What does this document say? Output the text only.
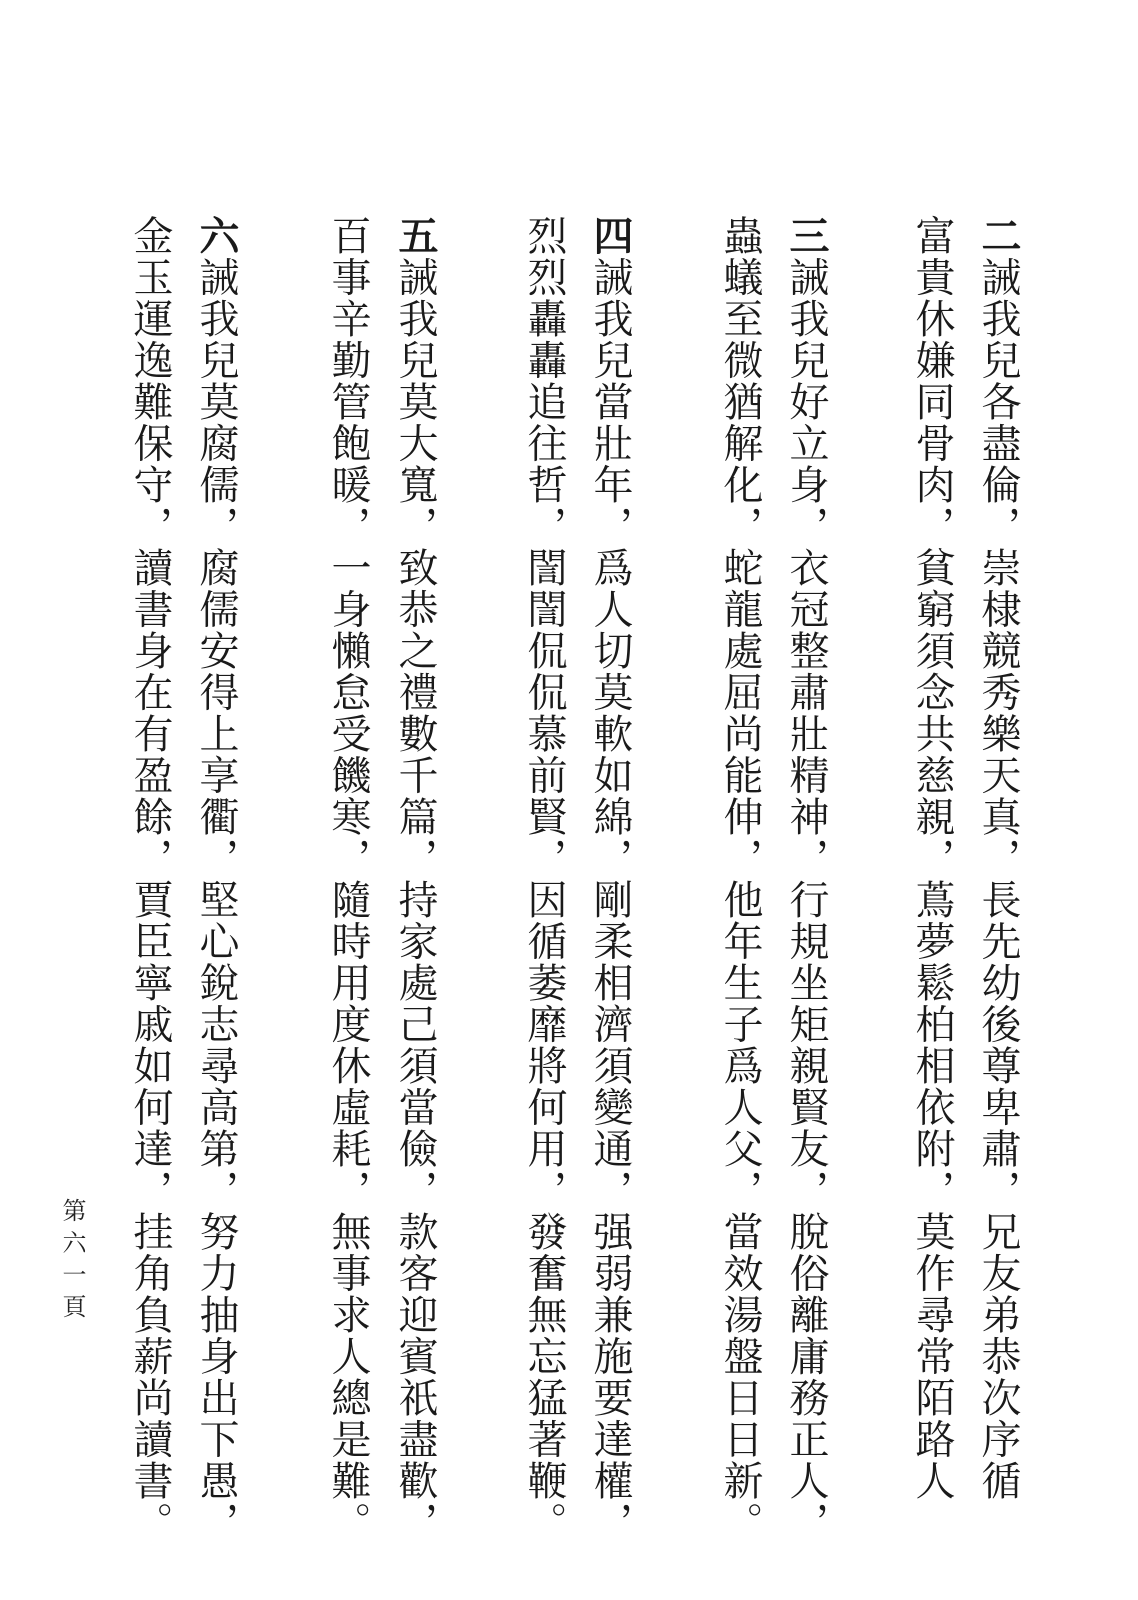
二誡我兒各盡倫，崇棣競秀樂天真，長先幼後尊卑肅，兄友弟恭次序循
富貴休嫌同骨肉，貧窮須念共慈親，蔦夢鬆柏相依附，莫作尋常陌路人
三誡我兒好立身，衣冠整肅壯精神，行規坐矩親賢友，脫俗離庸務正人，
蟲蟻至微猶解化，蛇龍處屈尚能伸，他年生子爲人父，當效湯盤日日新。
四誡我兒當壯年，爲人切莫軟如綿，剛柔相濟須變通，强弱兼施要達權，
烈烈轟轟追往哲，誾誾侃侃慕前賢，因循萎靡將何用，發奮無忘猛著鞭。
五誡我兒莫大寬，致恭之禮數千篇，持家處己須當儉，款客迎賓祇盡歡，
百事辛勤管飽暖，一身懶怠受饑寒，隨時用度休虛耗，無事求人總是難。
六誡我兒莫腐儒，腐儒安得上享衢，堅心銳志尋高第，努力抽身出下愚，
金玉運逸難保守，讀書身在有盈餘，賈臣寧戚如何達，挂角負薪尚讀書。
第六一頁
